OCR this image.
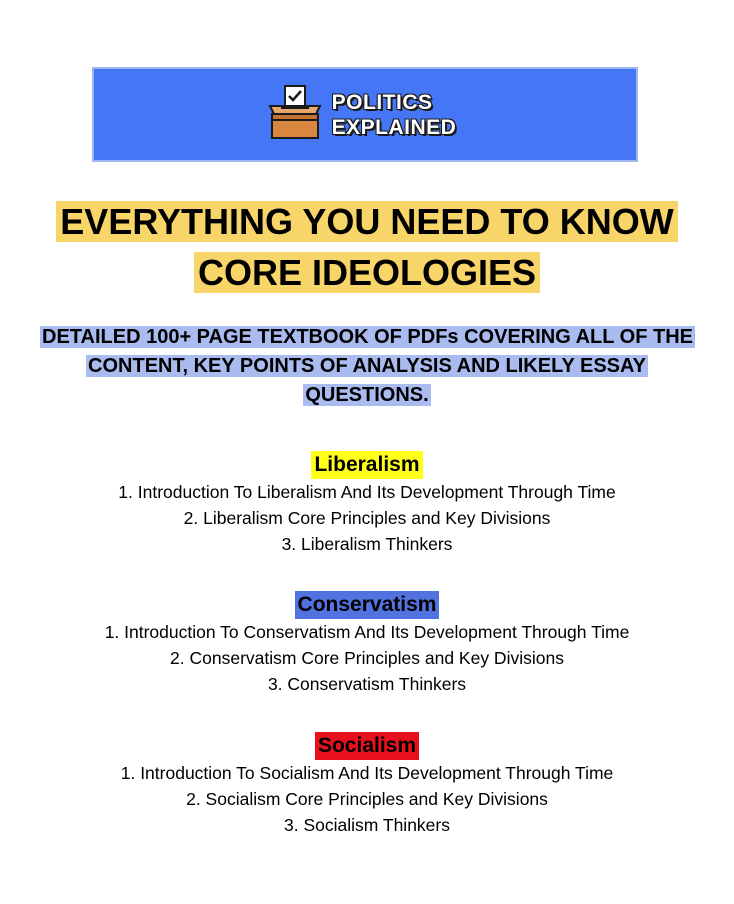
POLITICS
EXPLAINED
EVERYTHING YOU NEED TO KNOW
CORE IDEOLOGIES
DETAILED 100+ PAGE TEXTBOOK OF PDFs COVERING ALL OF THE CONTENT, KEY POINTS OF ANALYSIS AND LIKELY ESSAY QUESTIONS.
Liberalism
1. Introduction To Liberalism And Its Development Through Time
2. Liberalism Core Principles and Key Divisions
3. Liberalism Thinkers
Conservatism
1. Introduction To Conservatism And Its Development Through Time
2. Conservatism Core Principles and Key Divisions
3. Conservatism Thinkers
Socialism
1. Introduction To Socialism And Its Development Through Time
2. Socialism Core Principles and Key Divisions
3. Socialism Thinkers
